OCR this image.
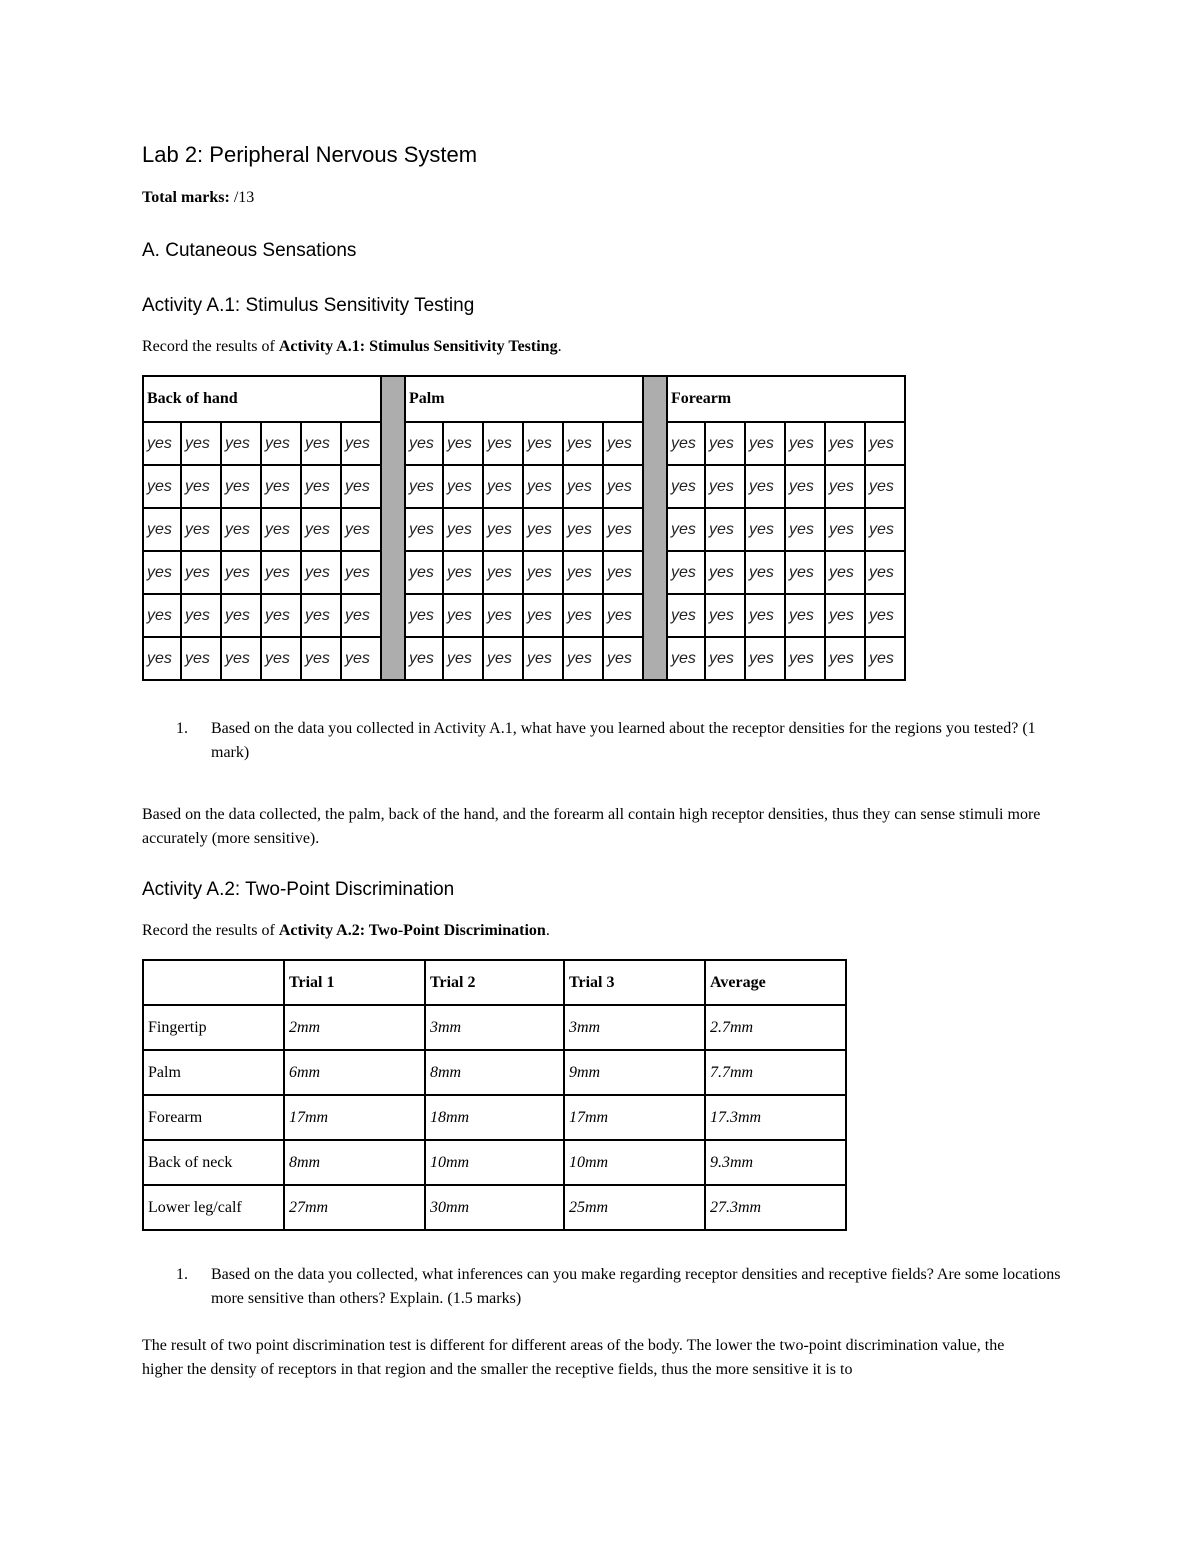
Lab 2: Peripheral Nervous System
Total marks: /13
A. Cutaneous Sensations
Activity A.1: Stimulus Sensitivity Testing
Record the results of Activity A.1: Stimulus Sensitivity Testing.
Back of hand							Palm							Forearm					
yes	yes	yes	yes	yes	yes		yes	yes	yes	yes	yes	yes		yes	yes	yes	yes	yes	yes
yes	yes	yes	yes	yes	yes		yes	yes	yes	yes	yes	yes		yes	yes	yes	yes	yes	yes
yes	yes	yes	yes	yes	yes		yes	yes	yes	yes	yes	yes		yes	yes	yes	yes	yes	yes
yes	yes	yes	yes	yes	yes		yes	yes	yes	yes	yes	yes		yes	yes	yes	yes	yes	yes
yes	yes	yes	yes	yes	yes		yes	yes	yes	yes	yes	yes		yes	yes	yes	yes	yes	yes
yes	yes	yes	yes	yes	yes		yes	yes	yes	yes	yes	yes		yes	yes	yes	yes	yes	yes
1. Based on the data you collected in Activity A.1, what have you learned about the receptor densities for the regions you tested? (1 mark)
Based on the data collected, the palm, back of the hand, and the forearm all contain high receptor densities, thus they can sense stimuli more accurately (more sensitive).
Activity A.2: Two-Point Discrimination
Record the results of Activity A.2: Two-Point Discrimination.
	Trial 1	Trial 2	Trial 3	Average
Fingertip	2mm	3mm	3mm	2.7mm
Palm	6mm	8mm	9mm	7.7mm
Forearm	17mm	18mm	17mm	17.3mm
Back of neck	8mm	10mm	10mm	9.3mm
Lower leg/calf	27mm	30mm	25mm	27.3mm
1. Based on the data you collected, what inferences can you make regarding receptor densities and receptive fields? Are some locations more sensitive than others? Explain. (1.5 marks)
The result of two point discrimination test is different for different areas of the body. The lower the two-point discrimination value, the higher the density of receptors in that region and the smaller the receptive fields, thus the more sensitive it is to
